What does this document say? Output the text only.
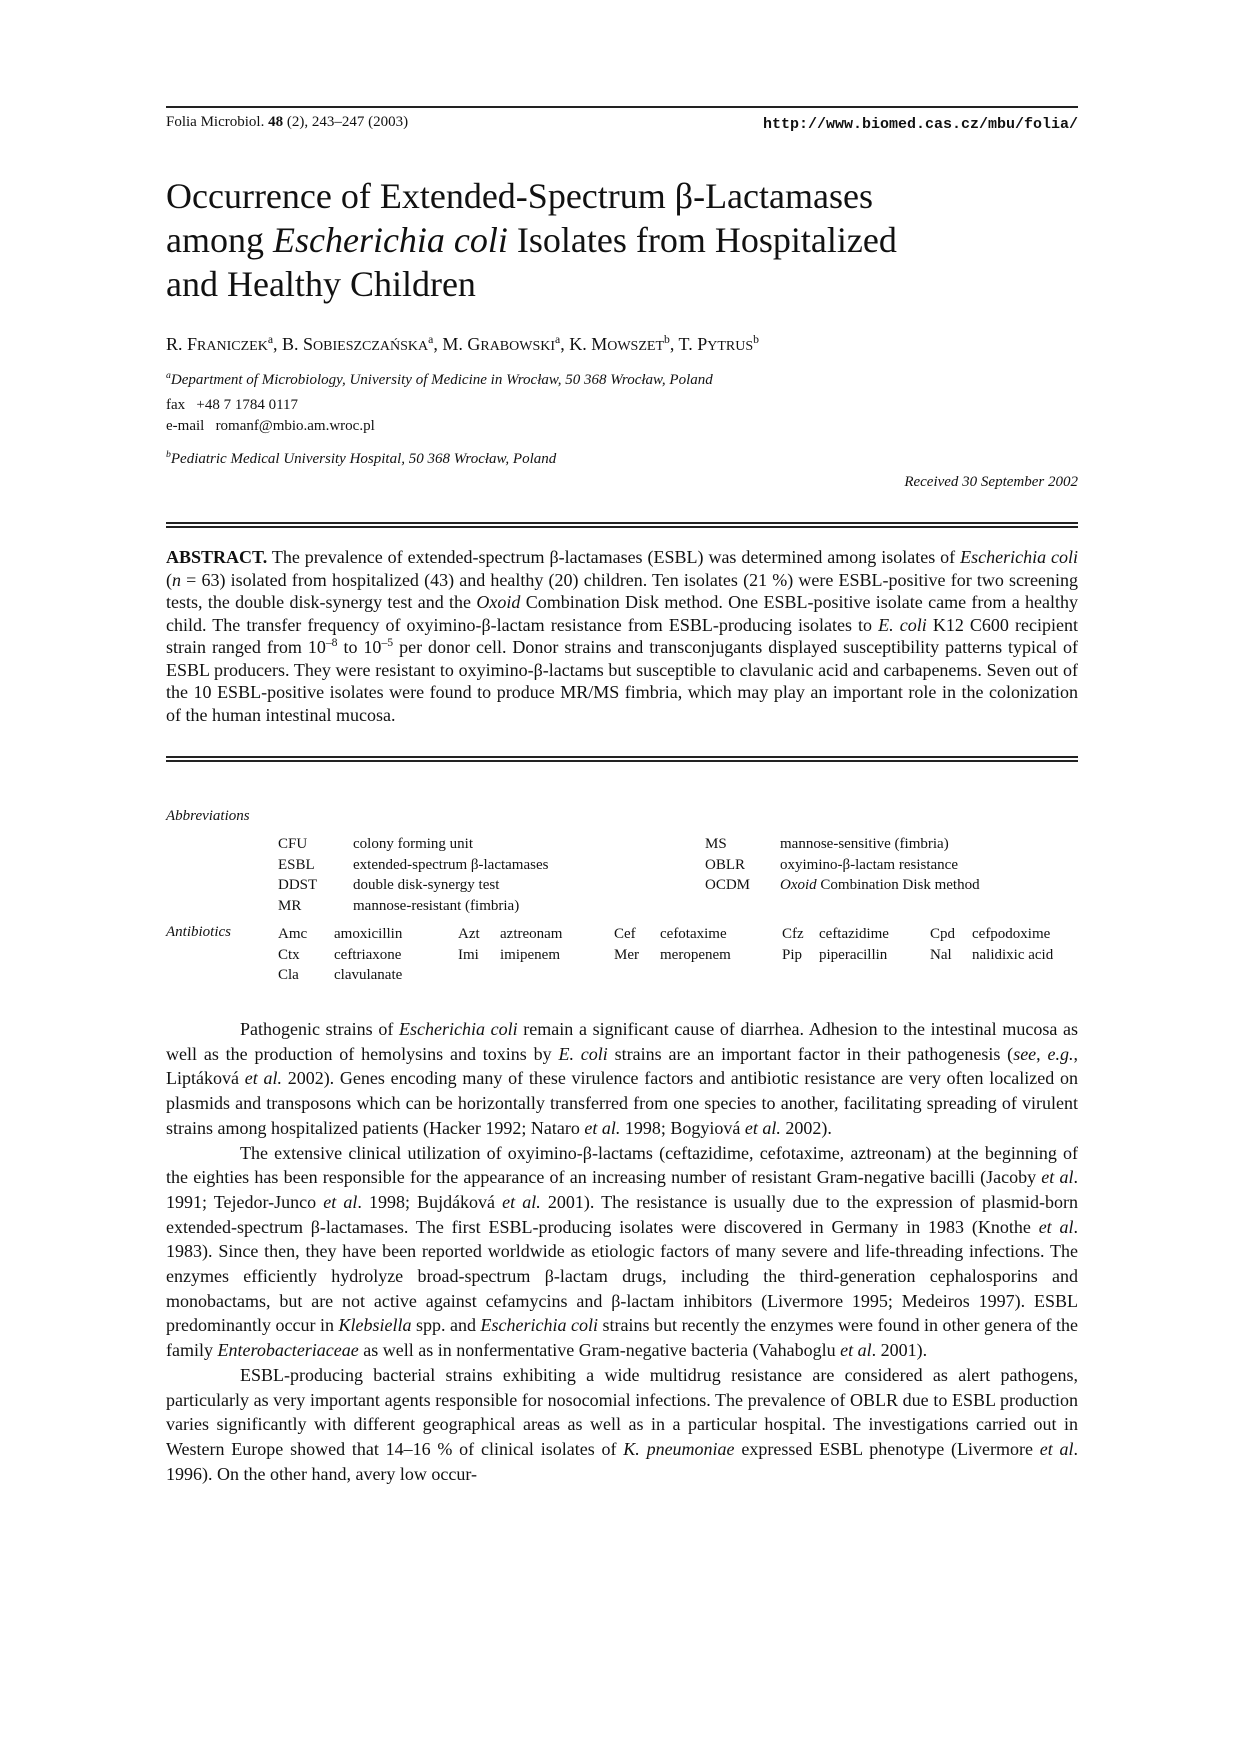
Folia Microbiol. 48 (2), 243–247 (2003)	http://www.biomed.cas.cz/mbu/folia/
Occurrence of Extended-Spectrum β-Lactamases
among Escherichia coli Isolates from Hospitalized
and Healthy Children
R. FRANICZEK$^a$, B. SOBIESZCZAŃSKA$^a$, M. GRABOWSKI$^a$, K. MOWSZET$^b$, T. PYTRUS$^b$
$^a$Department of Microbiology, University of Medicine in Wrocław, 50 368 Wrocław, Poland
fax   +48 7 1784 0117
e-mail   romanf@mbio.am.wroc.pl
$^b$Pediatric Medical University Hospital, 50 368 Wrocław, Poland
Received 30 September 2002
ABSTRACT. The prevalence of extended-spectrum β-lactamases (ESBL) was determined among isolates of Escherichia coli (n = 63) isolated from hospitalized (43) and healthy (20) children. Ten isolates (21 %) were ESBL-positive for two screening tests, the double disk-synergy test and the Oxoid Combination Disk method. One ESBL-positive isolate came from a healthy child. The transfer frequency of oxyimino-β-lactam resistance from ESBL-producing isolates to E. coli K12 C600 recipient strain ranged from $10^{-8}$ to $10^{-5}$ per donor cell. Donor strains and transconjugants displayed susceptibility patterns typical of ESBL producers. They were resistant to oxyimino-β-lactams but susceptible to clavulanic acid and carbapenems. Seven out of the 10 ESBL-positive isolates were found to produce MR/MS fimbria, which may play an important role in the colonization of the human intestinal mucosa.
Abbreviations
CFU	colony forming unit	MS	mannose-sensitive (fimbria)
ESBL	extended-spectrum β-lactamases	OBLR	oxyimino-β-lactam resistance
DDST	double disk-synergy test	OCDM	Oxoid Combination Disk method
MR	mannose-resistant (fimbria)
Antibiotics	Amc	amoxicillin	Azt	aztreonam	Cef	cefotaxime	Cfz	ceftazidime	Cpd	cefpodoxime
Ctx	ceftriaxone	Imi	imipenem	Mer	meropenem	Pip	piperacillin	Nal	nalidixic acid
Cla	clavulanate

Pathogenic strains of Escherichia coli remain a significant cause of diarrhea. Adhesion to the intestinal mucosa as well as the production of hemolysins and toxins by E. coli strains are an important factor in their pathogenesis (see, e.g., Liptáková et al. 2002). Genes encoding many of these virulence factors and antibiotic resistance are very often localized on plasmids and transposons which can be horizontally transferred from one species to another, facilitating spreading of virulent strains among hospitalized patients (Hacker 1992; Nataro et al. 1998; Bogyiová et al. 2002).

The extensive clinical utilization of oxyimino-β-lactams (ceftazidime, cefotaxime, aztreonam) at the beginning of the eighties has been responsible for the appearance of an increasing number of resistant Gram-negative bacilli (Jacoby et al. 1991; Tejedor-Junco et al. 1998; Bujdáková et al. 2001). The resistance is usually due to the expression of plasmid-born extended-spectrum β-lactamases. The first ESBL-producing isolates were discovered in Germany in 1983 (Knothe et al. 1983). Since then, they have been reported worldwide as etiologic factors of many severe and life-threading infections. The enzymes efficiently hydrolyze broad-spectrum β-lactam drugs, including the third-generation cephalosporins and monobactams, but are not active against cefamycins and β-lactam inhibitors (Livermore 1995; Medeiros 1997). ESBL predominantly occur in Klebsiella spp. and Escherichia coli strains but recently the enzymes were found in other genera of the family Enterobacteriaceae as well as in nonfermentative Gram-negative bacteria (Vahaboglu et al. 2001).

ESBL-producing bacterial strains exhibiting a wide multidrug resistance are considered as alert pathogens, particularly as very important agents responsible for nosocomial infections. The prevalence of OBLR due to ESBL production varies significantly with different geographical areas as well as in a particular hospital. The investigations carried out in Western Europe showed that 14–16 % of clinical isolates of K. pneumoniae expressed ESBL phenotype (Livermore et al. 1996). On the other hand, avery low occur-
